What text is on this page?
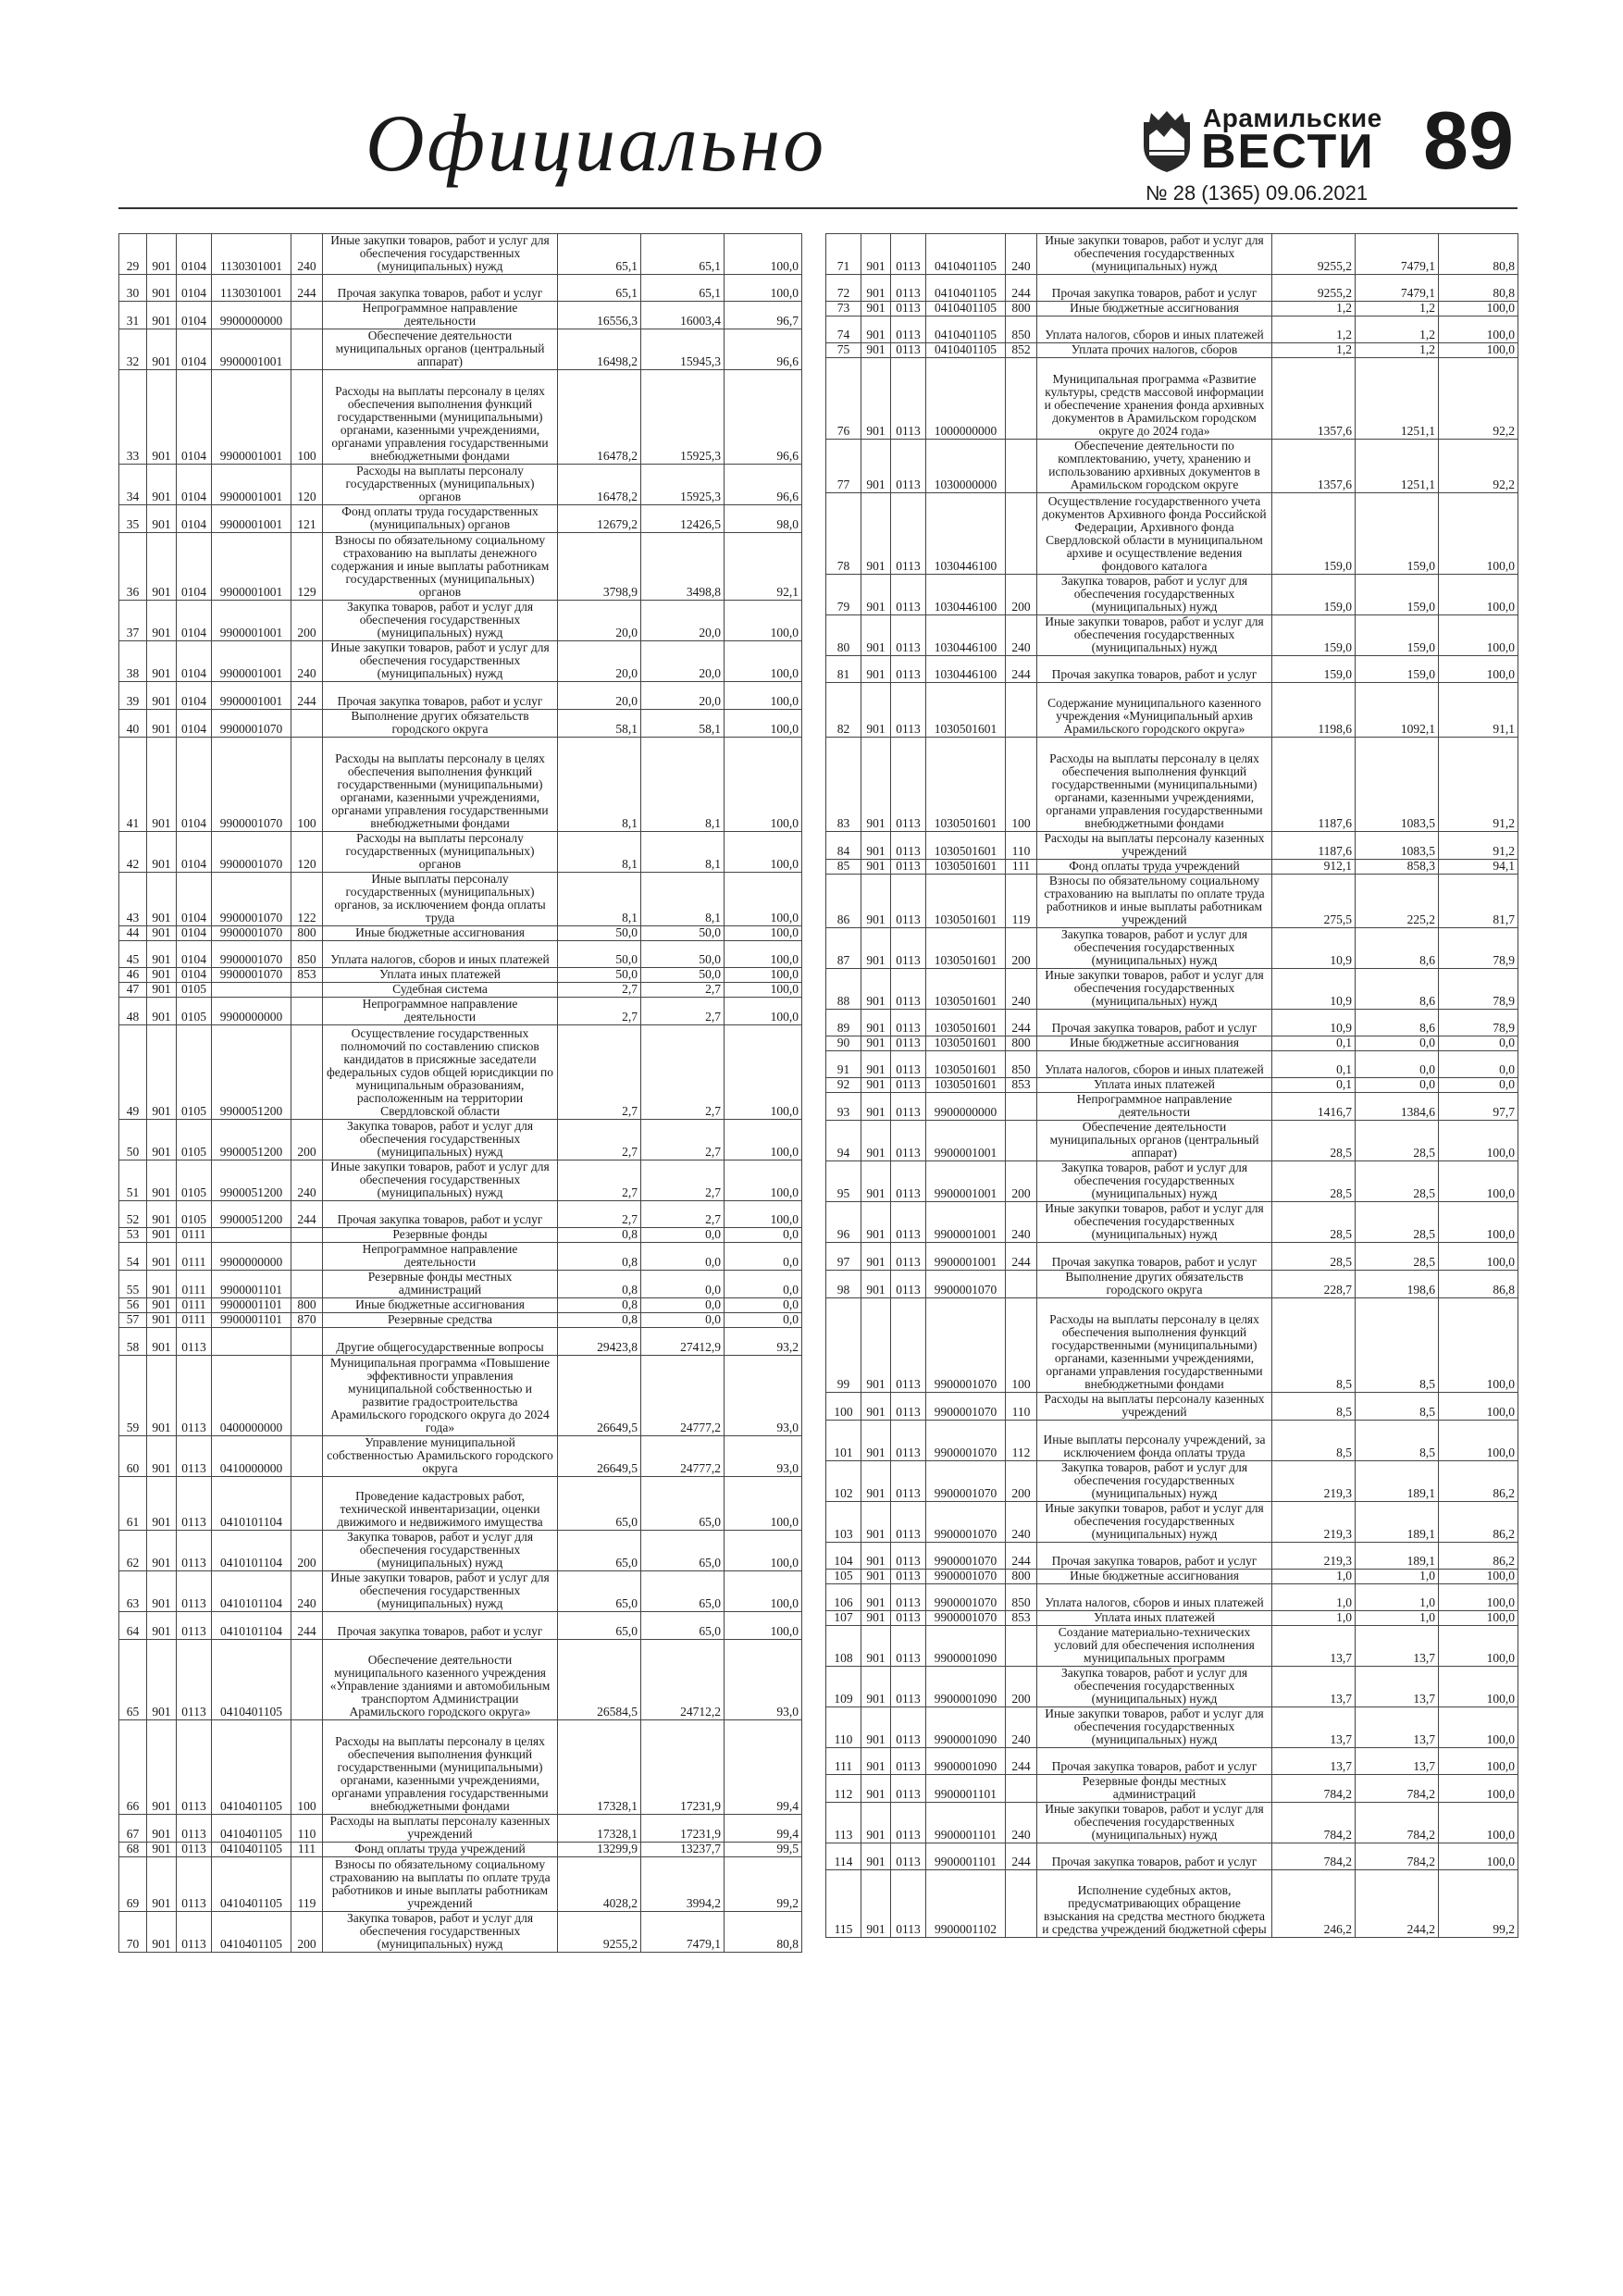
Официально	Арамильские
ВЕСТИ 89
№ 28 (1365) 09.06.2021
29	901	0104	1130301001	240	Иные закупки товаров, работ и услуг для обеспечения государственных (муниципальных) нужд	65,1	65,1	100,0
30	901	0104	1130301001	244	Прочая закупка товаров, работ и услуг	65,1	65,1	100,0
31	901	0104	9900000000		Непрограммное направление деятельности	16556,3	16003,4	96,7
32	901	0104	9900001001		Обеспечение деятельности муниципальных органов (центральный аппарат)	16498,2	15945,3	96,6
33	901	0104	9900001001	100	Расходы на выплаты персоналу в целях обеспечения выполнения функций государственными (муниципальными) органами, казенными учреждениями, органами управления государственными внебюджетными фондами	16478,2	15925,3	96,6
34	901	0104	9900001001	120	Расходы на выплаты персоналу государственных (муниципальных) органов	16478,2	15925,3	96,6
35	901	0104	9900001001	121	Фонд оплаты труда государственных (муниципальных) органов	12679,2	12426,5	98,0
36	901	0104	9900001001	129	Взносы по обязательному социальному страхованию на выплаты денежного содержания и иные выплаты работникам государственных (муниципальных) органов	3798,9	3498,8	92,1
37	901	0104	9900001001	200	Закупка товаров, работ и услуг для обеспечения государственных (муниципальных) нужд	20,0	20,0	100,0
38	901	0104	9900001001	240	Иные закупки товаров, работ и услуг для обеспечения государственных (муниципальных) нужд	20,0	20,0	100,0
39	901	0104	9900001001	244	Прочая закупка товаров, работ и услуг	20,0	20,0	100,0
40	901	0104	9900001070		Выполнение других обязательств городского округа	58,1	58,1	100,0
41	901	0104	9900001070	100	Расходы на выплаты персоналу в целях обеспечения выполнения функций государственными (муниципальными) органами, казенными учреждениями, органами управления государственными внебюджетными фондами	8,1	8,1	100,0
42	901	0104	9900001070	120	Расходы на выплаты персоналу государственных (муниципальных) органов	8,1	8,1	100,0
43	901	0104	9900001070	122	Иные выплаты персоналу государственных (муниципальных) органов, за исключением фонда оплаты труда	8,1	8,1	100,0
44	901	0104	9900001070	800	Иные бюджетные ассигнования	50,0	50,0	100,0
45	901	0104	9900001070	850	Уплата налогов, сборов и иных платежей	50,0	50,0	100,0
46	901	0104	9900001070	853	Уплата иных платежей	50,0	50,0	100,0
47	901	0105			Судебная система	2,7	2,7	100,0
48	901	0105	9900000000		Непрограммное направление деятельности	2,7	2,7	100,0
49	901	0105	9900051200		Осуществление государственных полномочий по составлению списков кандидатов в присяжные заседатели федеральных судов общей юрисдикции по муниципальным образованиям, расположенным на территории Свердловской области	2,7	2,7	100,0
50	901	0105	9900051200	200	Закупка товаров, работ и услуг для обеспечения государственных (муниципальных) нужд	2,7	2,7	100,0
51	901	0105	9900051200	240	Иные закупки товаров, работ и услуг для обеспечения государственных (муниципальных) нужд	2,7	2,7	100,0
52	901	0105	9900051200	244	Прочая закупка товаров, работ и услуг	2,7	2,7	100,0
53	901	0111			Резервные фонды	0,8	0,0	0,0
54	901	0111	9900000000		Непрограммное направление деятельности	0,8	0,0	0,0
55	901	0111	9900001101		Резервные фонды местных администраций	0,8	0,0	0,0
56	901	0111	9900001101	800	Иные бюджетные ассигнования	0,8	0,0	0,0
57	901	0111	9900001101	870	Резервные средства	0,8	0,0	0,0
58	901	0113			Другие общегосударственные вопросы	29423,8	27412,9	93,2
59	901	0113	0400000000		Муниципальная программа «Повышение эффективности управления муниципальной собственностью и развитие градостроительства Арамильского городского округа до 2024 года»	26649,5	24777,2	93,0
60	901	0113	0410000000		Управление муниципальной собственностью Арамильского городского округа	26649,5	24777,2	93,0
61	901	0113	0410101104		Проведение кадастровых работ, технической инвентаризации, оценки движимого и недвижимого имущества	65,0	65,0	100,0
62	901	0113	0410101104	200	Закупка товаров, работ и услуг для обеспечения государственных (муниципальных) нужд	65,0	65,0	100,0
63	901	0113	0410101104	240	Иные закупки товаров, работ и услуг для обеспечения государственных (муниципальных) нужд	65,0	65,0	100,0
64	901	0113	0410101104	244	Прочая закупка товаров, работ и услуг	65,0	65,0	100,0
65	901	0113	0410401105		Обеспечение деятельности муниципального казенного учреждения «Управление зданиями и автомобильным транспортом Администрации Арамильского городского округа»	26584,5	24712,2	93,0
66	901	0113	0410401105	100	Расходы на выплаты персоналу в целях обеспечения выполнения функций государственными (муниципальными) органами, казенными учреждениями, органами управления государственными внебюджетными фондами	17328,1	17231,9	99,4
67	901	0113	0410401105	110	Расходы на выплаты персоналу казенных учреждений	17328,1	17231,9	99,4
68	901	0113	0410401105	111	Фонд оплаты труда учреждений	13299,9	13237,7	99,5
69	901	0113	0410401105	119	Взносы по обязательному социальному страхованию на выплаты по оплате труда работников и иные выплаты работникам учреждений	4028,2	3994,2	99,2
70	901	0113	0410401105	200	Закупка товаров, работ и услуг для обеспечения государственных (муниципальных) нужд	9255,2	7479,1	80,8
71	901	0113	0410401105	240	Иные закупки товаров, работ и услуг для обеспечения государственных (муниципальных) нужд	9255,2	7479,1	80,8
72	901	0113	0410401105	244	Прочая закупка товаров, работ и услуг	9255,2	7479,1	80,8
73	901	0113	0410401105	800	Иные бюджетные ассигнования	1,2	1,2	100,0
74	901	0113	0410401105	850	Уплата налогов, сборов и иных платежей	1,2	1,2	100,0
75	901	0113	0410401105	852	Уплата прочих налогов, сборов	1,2	1,2	100,0
76	901	0113	1000000000		Муниципальная программа «Развитие культуры, средств массовой информации и обеспечение хранения фонда архивных документов в Арамильском городском округе до 2024 года»	1357,6	1251,1	92,2
77	901	0113	1030000000		Обеспечение деятельности по комплектованию, учету, хранению и использованию архивных документов в Арамильском городском округе	1357,6	1251,1	92,2
78	901	0113	1030446100		Осуществление государственного учета документов Архивного фонда Российской Федерации, Архивного фонда Свердловской области в муниципальном архиве и осуществление ведения фондового каталога	159,0	159,0	100,0
79	901	0113	1030446100	200	Закупка товаров, работ и услуг для обеспечения государственных (муниципальных) нужд	159,0	159,0	100,0
80	901	0113	1030446100	240	Иные закупки товаров, работ и услуг для обеспечения государственных (муниципальных) нужд	159,0	159,0	100,0
81	901	0113	1030446100	244	Прочая закупка товаров, работ и услуг	159,0	159,0	100,0
82	901	0113	1030501601		Содержание муниципального казенного учреждения «Муниципальный архив Арамильского городского округа»	1198,6	1092,1	91,1
83	901	0113	1030501601	100	Расходы на выплаты персоналу в целях обеспечения выполнения функций государственными (муниципальными) органами, казенными учреждениями, органами управления государственными внебюджетными фондами	1187,6	1083,5	91,2
84	901	0113	1030501601	110	Расходы на выплаты персоналу казенных учреждений	1187,6	1083,5	91,2
85	901	0113	1030501601	111	Фонд оплаты труда учреждений	912,1	858,3	94,1
86	901	0113	1030501601	119	Взносы по обязательному социальному страхованию на выплаты по оплате труда работников и иные выплаты работникам учреждений	275,5	225,2	81,7
87	901	0113	1030501601	200	Закупка товаров, работ и услуг для обеспечения государственных (муниципальных) нужд	10,9	8,6	78,9
88	901	0113	1030501601	240	Иные закупки товаров, работ и услуг для обеспечения государственных (муниципальных) нужд	10,9	8,6	78,9
89	901	0113	1030501601	244	Прочая закупка товаров, работ и услуг	10,9	8,6	78,9
90	901	0113	1030501601	800	Иные бюджетные ассигнования	0,1	0,0	0,0
91	901	0113	1030501601	850	Уплата налогов, сборов и иных платежей	0,1	0,0	0,0
92	901	0113	1030501601	853	Уплата иных платежей	0,1	0,0	0,0
93	901	0113	9900000000		Непрограммное направление деятельности	1416,7	1384,6	97,7
94	901	0113	9900001001		Обеспечение деятельности муниципальных органов (центральный аппарат)	28,5	28,5	100,0
95	901	0113	9900001001	200	Закупка товаров, работ и услуг для обеспечения государственных (муниципальных) нужд	28,5	28,5	100,0
96	901	0113	9900001001	240	Иные закупки товаров, работ и услуг для обеспечения государственных (муниципальных) нужд	28,5	28,5	100,0
97	901	0113	9900001001	244	Прочая закупка товаров, работ и услуг	28,5	28,5	100,0
98	901	0113	9900001070		Выполнение других обязательств городского округа	228,7	198,6	86,8
99	901	0113	9900001070	100	Расходы на выплаты персоналу в целях обеспечения выполнения функций государственными (муниципальными) органами, казенными учреждениями, органами управления государственными внебюджетными фондами	8,5	8,5	100,0
100	901	0113	9900001070	110	Расходы на выплаты персоналу казенных учреждений	8,5	8,5	100,0
101	901	0113	9900001070	112	Иные выплаты персоналу учреждений, за исключением фонда оплаты труда	8,5	8,5	100,0
102	901	0113	9900001070	200	Закупка товаров, работ и услуг для обеспечения государственных (муниципальных) нужд	219,3	189,1	86,2
103	901	0113	9900001070	240	Иные закупки товаров, работ и услуг для обеспечения государственных (муниципальных) нужд	219,3	189,1	86,2
104	901	0113	9900001070	244	Прочая закупка товаров, работ и услуг	219,3	189,1	86,2
105	901	0113	9900001070	800	Иные бюджетные ассигнования	1,0	1,0	100,0
106	901	0113	9900001070	850	Уплата налогов, сборов и иных платежей	1,0	1,0	100,0
107	901	0113	9900001070	853	Уплата иных платежей	1,0	1,0	100,0
108	901	0113	9900001090		Создание материально-технических условий для обеспечения исполнения муниципальных программ	13,7	13,7	100,0
109	901	0113	9900001090	200	Закупка товаров, работ и услуг для обеспечения государственных (муниципальных) нужд	13,7	13,7	100,0
110	901	0113	9900001090	240	Иные закупки товаров, работ и услуг для обеспечения государственных (муниципальных) нужд	13,7	13,7	100,0
111	901	0113	9900001090	244	Прочая закупка товаров, работ и услуг	13,7	13,7	100,0
112	901	0113	9900001101		Резервные фонды местных администраций	784,2	784,2	100,0
113	901	0113	9900001101	240	Иные закупки товаров, работ и услуг для обеспечения государственных (муниципальных) нужд	784,2	784,2	100,0
114	901	0113	9900001101	244	Прочая закупка товаров, работ и услуг	784,2	784,2	100,0
115	901	0113	9900001102		Исполнение судебных актов, предусматривающих обращение взыскания на средства местного бюджета и средства учреждений бюджетной сферы	246,2	244,2	99,2
